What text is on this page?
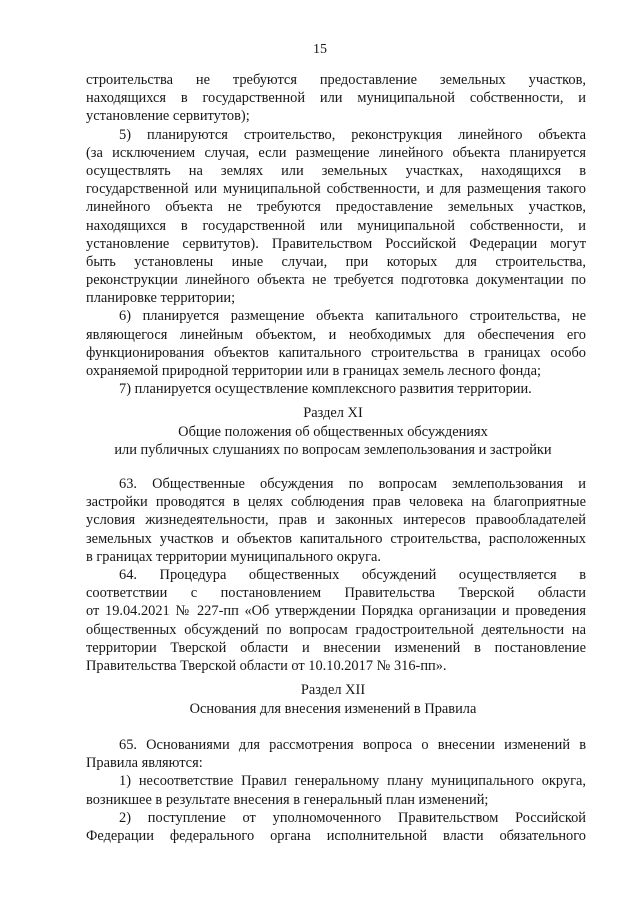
15
строительства не требуются предоставление земельных участков,
находящихся в государственной или муниципальной собственности, и
установление сервитутов);
5) планируются строительство, реконструкция линейного объекта
(за исключением случая, если размещение линейного объекта планируется
осуществлять на землях или земельных участках, находящихся в
государственной или муниципальной собственности, и для размещения такого
линейного объекта не требуются предоставление земельных участков,
находящихся в государственной или муниципальной собственности, и
установление сервитутов). Правительством Российской Федерации могут
быть установлены иные случаи, при которых для строительства,
реконструкции линейного объекта не требуется подготовка документации по
планировке территории;
6) планируется размещение объекта капитального строительства, не
являющегося линейным объектом, и необходимых для обеспечения его
функционирования объектов капитального строительства в границах особо
охраняемой природной территории или в границах земель лесного фонда;
7) планируется осуществление комплексного развития территории.
Раздел XI
Общие положения об общественных обсуждениях
или публичных слушаниях по вопросам землепользования и застройки
63. Общественные обсуждения по вопросам землепользования и
застройки проводятся в целях соблюдения прав человека на благоприятные
условия жизнедеятельности, прав и законных интересов правообладателей
земельных участков и объектов капитального строительства, расположенных
в границах территории муниципального округа.
64. Процедура общественных обсуждений осуществляется в
соответствии с постановлением Правительства Тверской области
от 19.04.2021 № 227-пп «Об утверждении Порядка организации и проведения
общественных обсуждений по вопросам градостроительной деятельности на
территории Тверской области и внесении изменений в постановление
Правительства Тверской области от 10.10.2017 № 316-пп».
Раздел XII
Основания для внесения изменений в Правила
65. Основаниями для рассмотрения вопроса о внесении изменений в
Правила являются:
1) несоответствие Правил генеральному плану муниципального округа,
возникшее в результате внесения в генеральный план изменений;
2) поступление от уполномоченного Правительством Российской
Федерации федерального органа исполнительной власти обязательного
